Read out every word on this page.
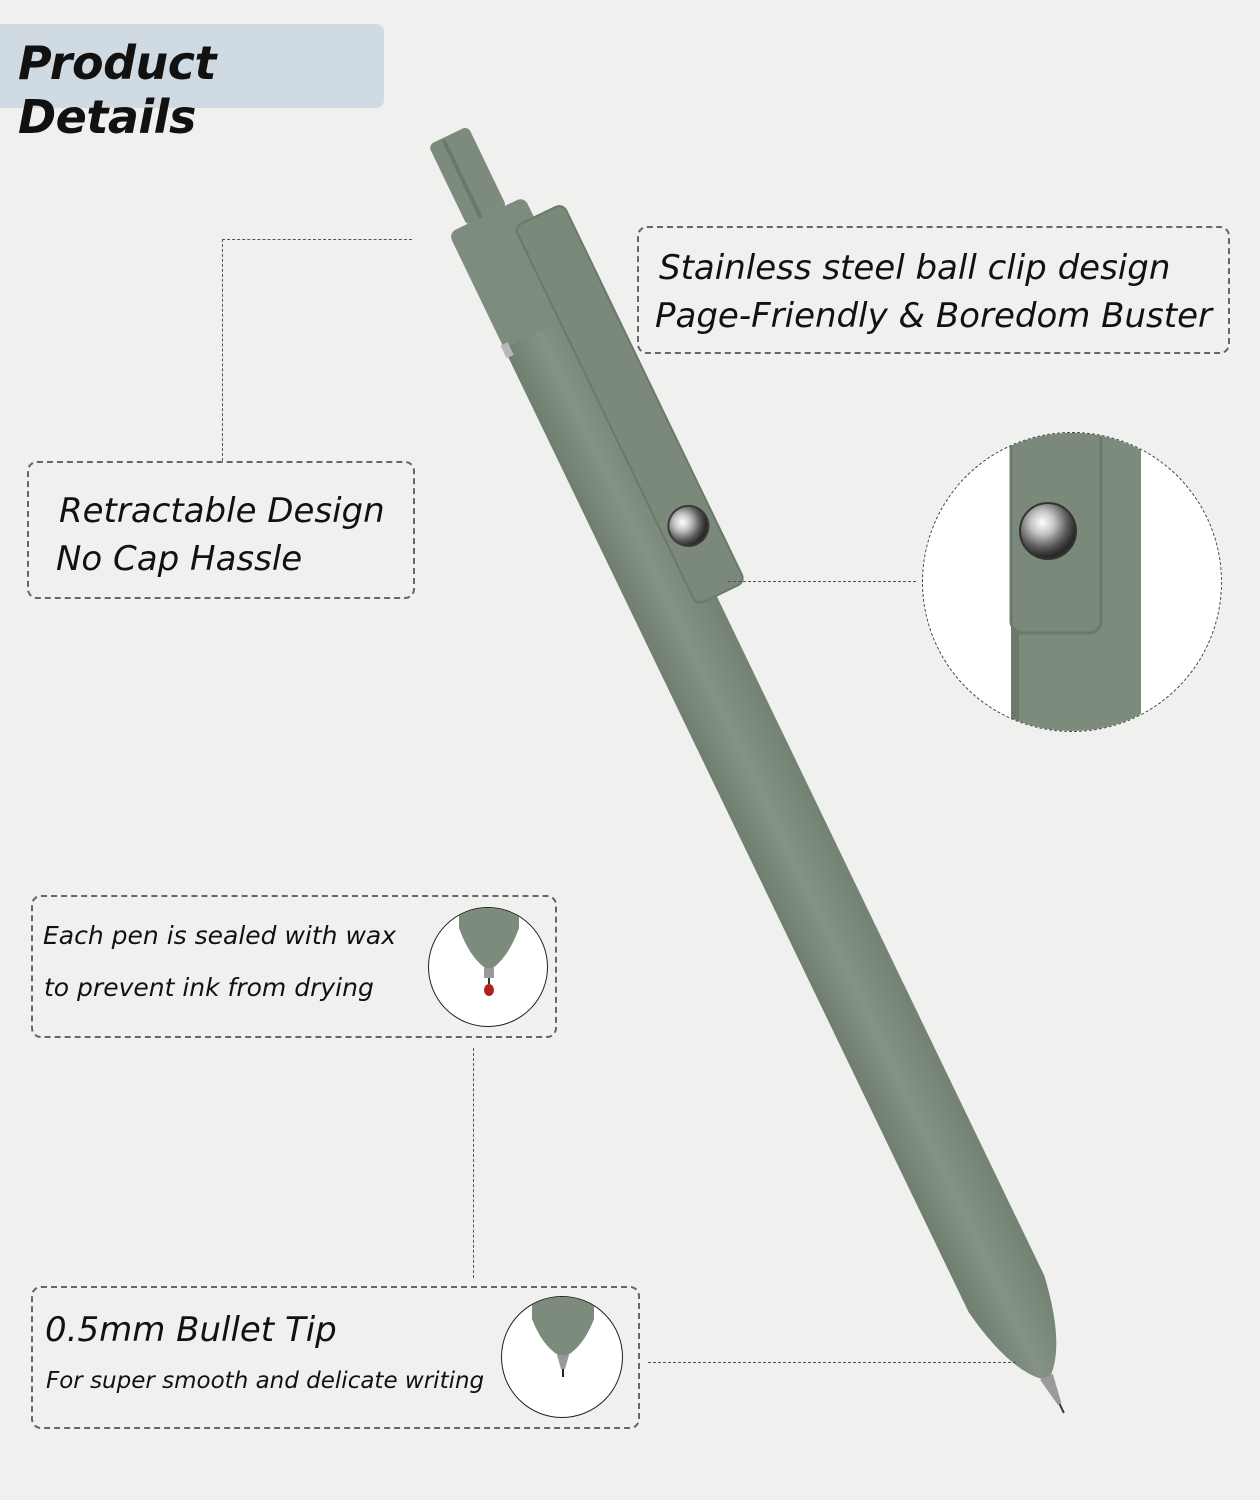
Product Details
Stainless steel ball clip design
Page-Friendly & Boredom Buster
Retractable Design
No Cap Hassle
Each pen is sealed with wax
to prevent ink from drying
0.5mm Bullet Tip
For super smooth and delicate writing
